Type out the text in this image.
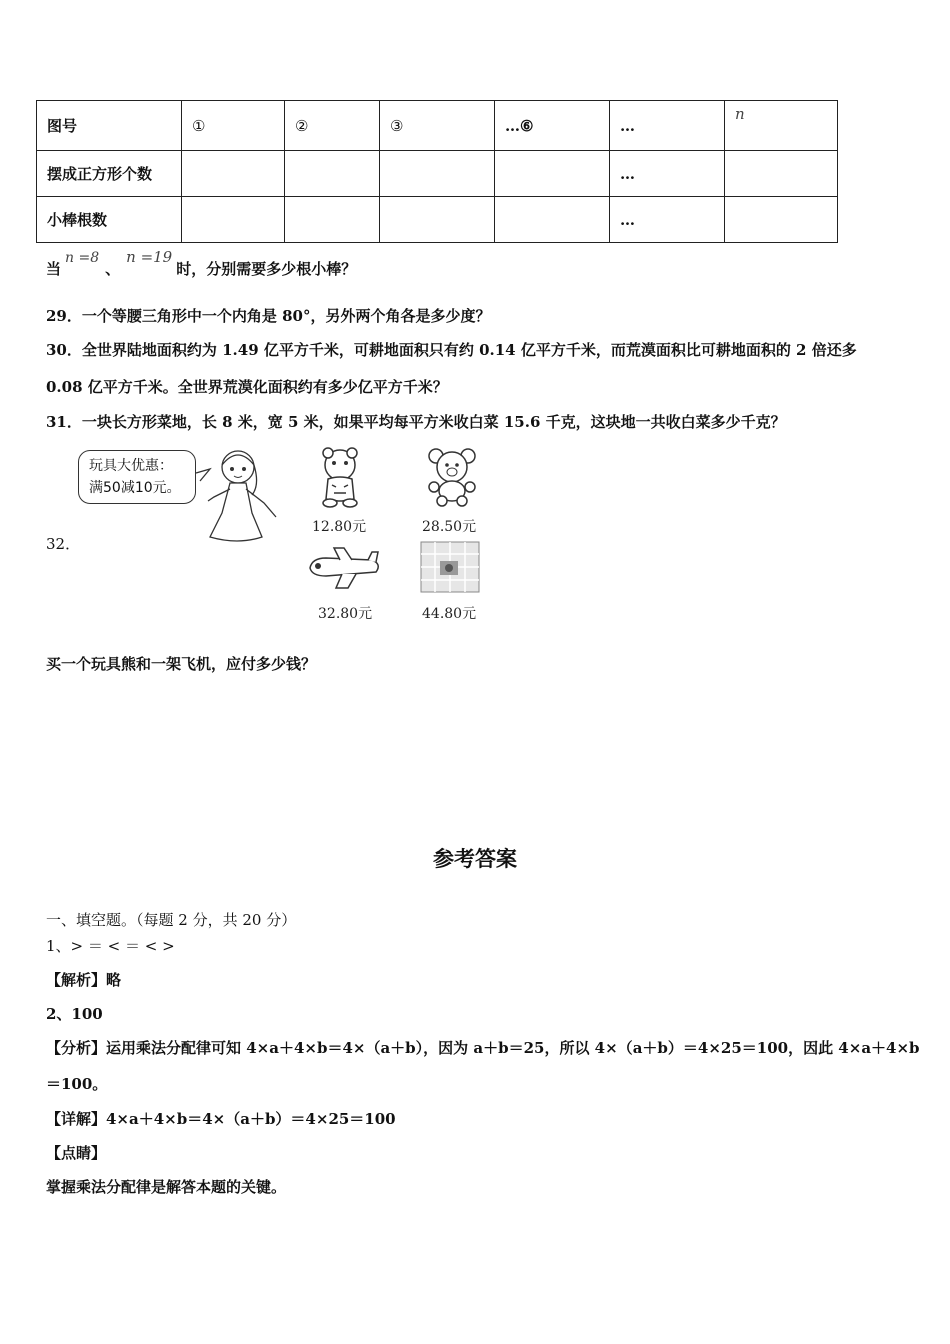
图号	①	②	③	…⑥	…	n
摆成正方形个数					…	
小棒根数					…	
当n =8、n =19时，分别需要多少根小棒？
29．一个等腰三角形中一个内角是 80°，另外两个角各是多少度？
30．全世界陆地面积约为 1.49 亿平方千米，可耕地面积只有约 0.14 亿平方千米，而荒漠面积比可耕地面积的 2 倍还多
0.08 亿平方千米。全世界荒漠化面积约有多少亿平方千米？
31．一块长方形菜地，长 8 米，宽 5 米，如果平均每平方米收白菜 15.6 千克，这块地一共收白菜多少千克？
32．
玩具大优惠：
满50减10元。
12.80元	28.50元
32.80元	44.80元
买一个玩具熊和一架飞机，应付多少钱？
参考答案
一、填空题。（每题 2 分，共 20 分）
1、> ＝ < ＝ < >
【解析】略
2、100
【分析】运用乘法分配律可知 4×a＋4×b＝4×（a＋b），因为 a＋b＝25，所以 4×（a＋b）＝4×25＝100，因此 4×a＋4×b
＝100。
【详解】4×a＋4×b＝4×（a＋b）＝4×25＝100
【点睛】
掌握乘法分配律是解答本题的关键。
